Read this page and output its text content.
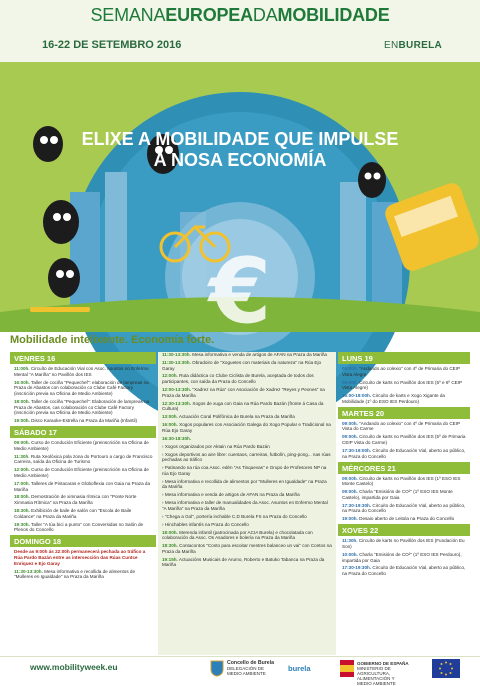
SEMANAEUROPEADAMOBILIDADE
16-22 DE SETEMBRO 2016	ENBURELA
€
ELIXE A MOBILIDADE QUE IMPULSE
A NOSA ECONOMÍA
Mobilidade intelixente. Economía forte.
VENRES 16
11:00h. Circuíto de Educación Vial con Asoc. Asuntos no Enfermo Mental "A Mariña" no Pavillón dos IES
16:00h. Taller de cociña "Pequechef": elaboración de lampreas na Praza de Abastos con colaboración co Clube Café Factory (inscrición previa na Oficina de Medio Ambiente)
18:00h. Taller de cociña "Pequechef": Elaboración de lampreas na Praza de Abastos, cas colaboración co Clube Café Factory (inscrición previa na Oficina de Medio Ambiente)
19:00h. Disco Karaoke-Estrella na Praza da Mariña (Infantil)
SÁBADO 17
09:00h. Curso de Condución Eficiente (preinscrición na Oficina de Medio Ambiente)
11:30h. Ruta Xeolóxica pola zona do Portouro a cargo de Francisco Carreira, saída da Oficina de Turismo
12:00h. Curso de Condución Eficiente (preinscrición na Oficina de Medio Ambiente)
17:00h. Talleres de Pintacaras e Globoflexia con Gaia na Praza da Mariña
18:00h. Demostración de ximnasia rítmica con "Ponte Norte Ximnasia Rítmica" na Praza da Mariña
18:30h. Exhibición de baile de salón con "Escola de Baile Coldance" na Praza da Mariña
19:30h. Taller "A túa bici a punto" con Conversidas no Salón de Plenos do Concello
DOMINGO 18
Desde as 9:00h ás 22:00h permanecerá pechada ao tráfico a Rúa Pardo Bazán entre as intersección das Rúas Cuntce Enriquez e Ejo Garay
11:30-13:30h. Mesa informativa e recollida de alimentos de "Mulleres en Igualdade" na Praza da Mariña
11:30-13:30h. Mesa informativa e venda de artigos de AFAN na Praza da Mariña
11:30-13:30h. Obradoiro de "Xoguetes con materiais da natureza" na Rúa Ejo Garay
12:00h. Ruta didáctica co Clube Ciclista de Burela, aceptada de todos dos participantes, con saída da Praza do Concello
12:00-13:30h. "Xadrez na Rúa" con Asociación de Xadrez "Reyes y Peones" na Praza da Mariña
12:30-13:30h. Xogos de xuga con Gaia na Rúa Pardo Bazán (fronte á Casa da Cultura)
13:00h. Actuación Coral Polifónica de Burela na Praza da Mariña
16:00h. Xogos populares con Asociación Galega do Xogo Popular e Tradicional na Rúa Ejo Garay
16:30-18:30h.
› Xogos organizados por Aktain na Rúa Pardo Bazán
› Xogos deportivos ao aire libre: cuentaos, carreiras, futbolín, ping-pong... nas rúas pechadas ao tráfico
› Patinando na rúa coa Asoc. edén "As Tinquevas" e Grupo de Profesores NP na rúa Ejo Garay
› Mesa informativa e recollida de alimentos por "Mulleres en Igualdade" na Praza da Mariña
› Mesa informativa e venda de artigos de AFAN na Praza da Mariña
› Mesa informativa e taller de manualidades da Asoc. Asuntos en Enfermo Mental "A Mariña" na Praza da Mariña
› "Chega a Gol", portería inchable C.D Burela FS na Praza do Concello
› Hinchables infantís na Praza do Concello
18:00h. Merenda infantil (patrocinada por ACIA Burela) e chocolatada con colaboración da Asoc. Os Asadores e bolería na Praza da Mariña
18:30h. Contacontos "Conto para escoitar mentres balanceo un vai" con Contos na Praza da Mariña
19:15h. Actuacións Musicais de Arumo, Roberto e Batuko Tabanca na Praza da Mariña
LUNS 19
09:00h. "Andando ao colexio" con 4º de Primaria do CEIP Vista Alegre
09:00h. Circuíto de karts no Pavillón dos IES (5º e 6º CEIP Vista Alegre)
16:00-18:00h. Circuíto de karts e Xogo Xigante da Mobilidade (1º do ESO IES Perdouro)
MARTES 20
09:00h. "Andando ao colexio" con 4º de Primaria do CEIP Vista do Carme
09:00h. Circuíto de karts no Pavillón dos IES (5º de Primaria CEIP Vista do Carme)
17:30-19:00h. Circuíto de Educación Vial, aberto ao público, na Praza do Concello
MÉRCORES 21
09:00h. Circuíto de karts no Pavillón dos IES (1º ESO IES Monte Castelo)
09:00h. Charla "Emisións de CO²" (1º ESO IES Monte Castelo), impartida por Gaia
17:30-19:30h. Circuíto de Educación Vial, aberto ao público, na Praza do Concello
19:00h. Desaio aberto de Leitola na Praza do Concello
XOVES 22
11:30h. Circuíto de karts no Pavillón dos IES (Fundación Eu Son)
10:00h. Charla "Emisións de CO²" (1º ESO IES Perdouro), impartida por Gaia
17:30-19:30h. Circuíto de Educación Vial, aberto ao público, na Praza do Concello
www.mobilityweek.eu	Concello de Burela
DELEGACIÓN DE MEDIO AMBIENTE
burela
GOBIERNO DE ESPAÑA
MINISTERIO DE AGRICULTURA, ALIMENTACIÓN Y MEDIO AMBIENTE
